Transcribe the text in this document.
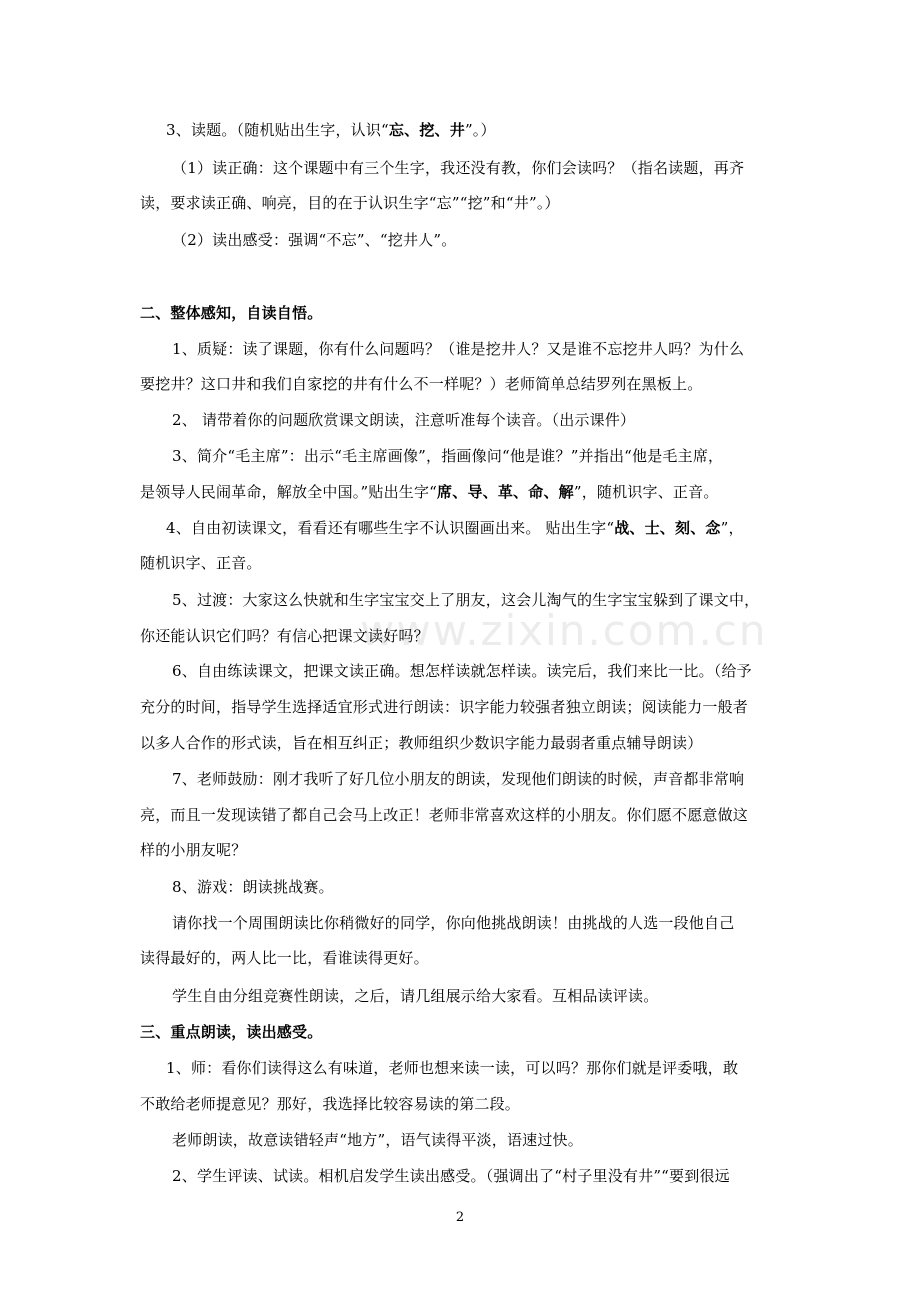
www.zixin.com.cn
3、读题。（随机贴出生字，认识“忘、挖、井”。）
（1）读正确：这个课题中有三个生字，我还没有教，你们会读吗？（指名读题，再齐
读，要求读正确、响亮，目的在于认识生字“忘”“挖”和“井”。）
（2）读出感受：强调“不忘”、“挖井人”。
二、整体感知，自读自悟。
1、质疑：读了课题，你有什么问题吗？（谁是挖井人？又是谁不忘挖井人吗？为什么
要挖井？这口井和我们自家挖的井有什么不一样呢？）老师简单总结罗列在黑板上。
2、 请带着你的问题欣赏课文朗读，注意听准每个读音。（出示课件）
3、简介“毛主席”：出示“毛主席画像”，指画像问“他是谁？”并指出“他是毛主席，
是领导人民闹革命，解放全中国。”贴出生字“席、导、革、命、解”，随机识字、正音。
4、自由初读课文，看看还有哪些生字不认识圈画出来。 贴出生字“战、士、刻、念”，
随机识字、正音。
5、过渡：大家这么快就和生字宝宝交上了朋友，这会儿淘气的生字宝宝躲到了课文中，
你还能认识它们吗？有信心把课文读好吗？
6、自由练读课文，把课文读正确。想怎样读就怎样读。读完后，我们来比一比。（给予
充分的时间，指导学生选择适宜形式进行朗读：识字能力较强者独立朗读；阅读能力一般者
以多人合作的形式读，旨在相互纠正；教师组织少数识字能力最弱者重点辅导朗读）
7、老师鼓励：刚才我听了好几位小朋友的朗读，发现他们朗读的时候，声音都非常响
亮，而且一发现读错了都自己会马上改正！老师非常喜欢这样的小朋友。你们愿不愿意做这
样的小朋友呢？
8、游戏：朗读挑战赛。
请你找一个周围朗读比你稍微好的同学，你向他挑战朗读！由挑战的人选一段他自己
读得最好的，两人比一比，看谁读得更好。
学生自由分组竞赛性朗读，之后，请几组展示给大家看。互相品读评读。
三、重点朗读，读出感受。
1、师：看你们读得这么有味道，老师也想来读一读，可以吗？那你们就是评委哦，敢
不敢给老师提意见？那好，我选择比较容易读的第二段。
老师朗读，故意读错轻声“地方”，语气读得平淡，语速过快。
2、学生评读、试读。相机启发学生读出感受。（强调出了“村子里没有井”“要到很远
2
